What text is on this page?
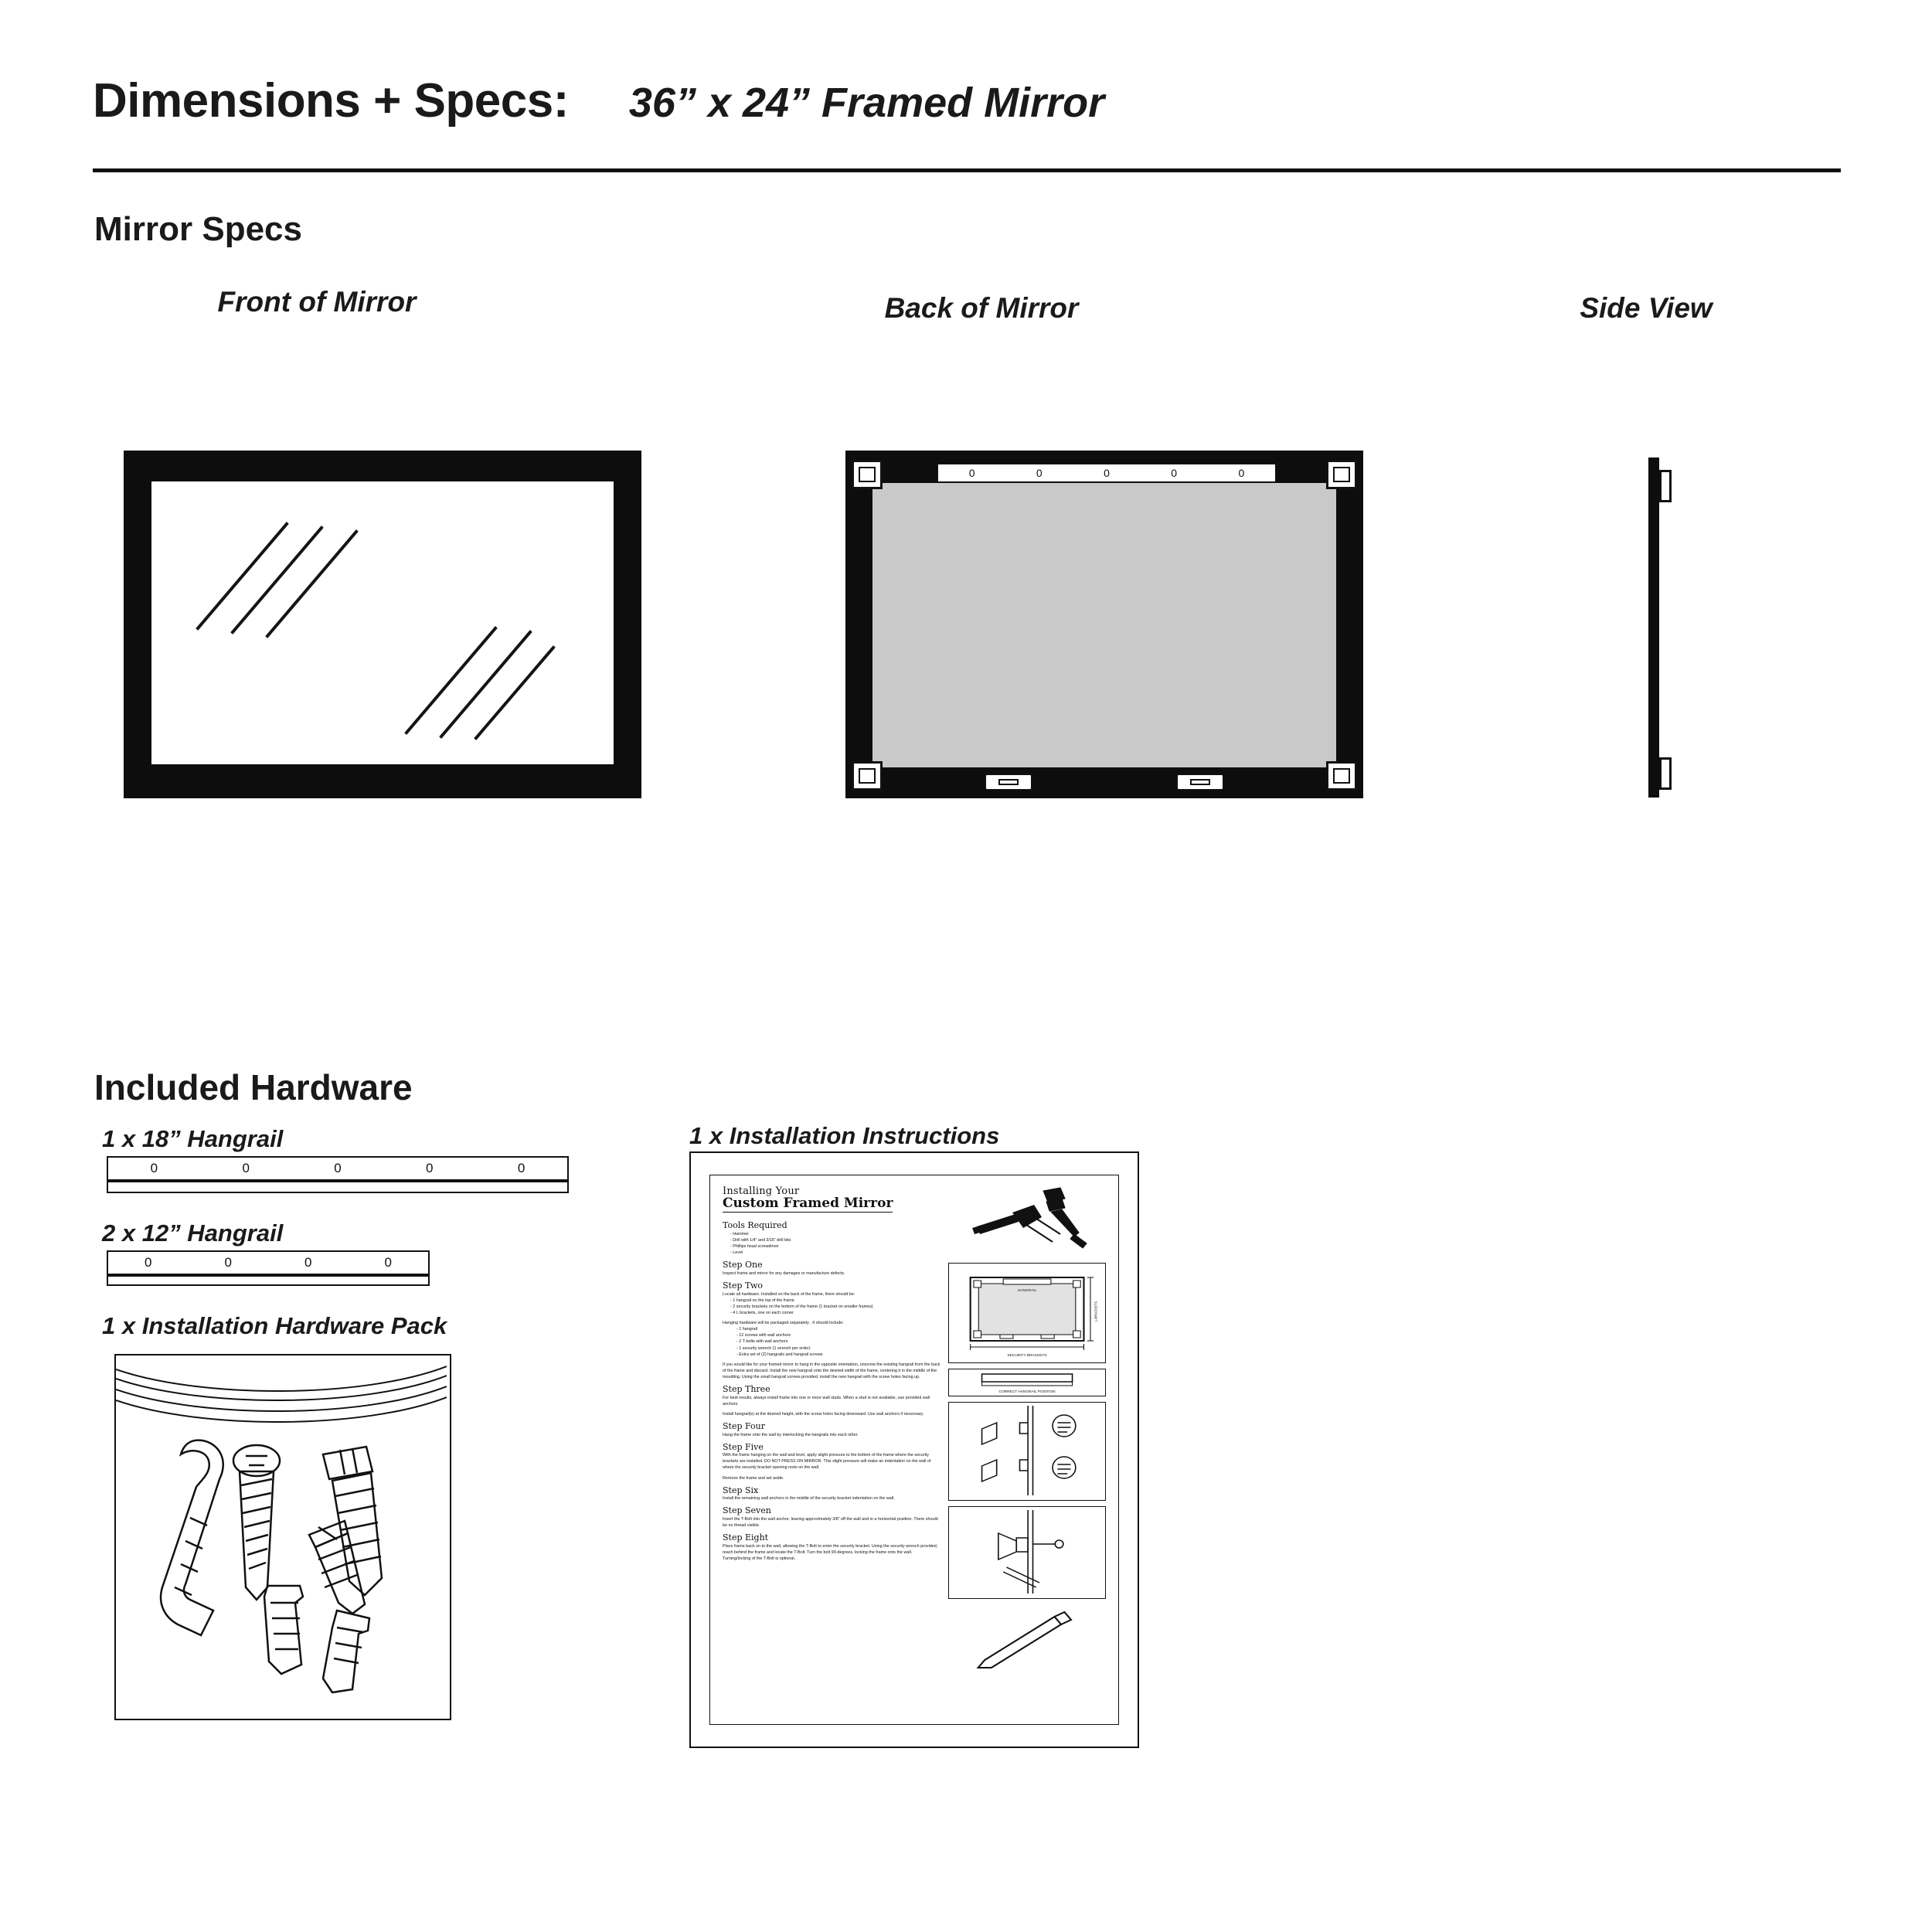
Dimensions + Specs: 36” x 24” Framed Mirror
Mirror Specs
Front of Mirror	Back of Mirror	Side View
0	0	0	0	0
Included Hardware
1 x 18” Hangrail
0	0	0	0	0
2 x 12” Hangrail
0	0	0	0
1 x Installation Hardware Pack
1 x Installation Instructions
Installing Your
Custom Framed Mirror
Tools Required
- Hammer
- Drill with 1/4” and 3/16” drill bits
- Phillips head screwdriver
- Level
Step One
Inspect frame and mirror for any damages or manufacture defects.
Step Two
Locate all hardware. Installed on the back of the frame, there should be:
- 1 hangrail on the top of the frame
- 2 security brackets on the bottom of the frame (1 bracket on smaller frames)
- 4 L brackets, one on each corner
Hanging hardware will be packaged separately . It should include:
- 1 hangrail
- 12 screws with wall anchors
- 2 T-bolts with wall anchors
- 1 security wrench (1 wrench per order)
- Extra set of (2) hangrails and hangrail screws
If you would like for your framed mirror to hang in the opposite orientation, unscrew the existing hangrail from the back of the frame and discard. Install the new hangrail onto the desired width of the frame, centering it in the middle of the moulding. Using the small hangrail screws provided, install the new hangrail with the screw holes facing up.
Step Three
For best results, always install frame into one or more wall studs. When a stud is not available, use provided wall anchors.
Install hangrail(s) at the desired height, with the screw holes facing downward. Use wall anchors if necessary.
Step Four
Hang the frame onto the wall by interlocking the hangrails into each other.
Step Five
With the frame hanging on the wall and level, apply slight pressure to the bottom of the frame where the security brackets are installed. DO NOT PRESS ON MIRROR. This slight pressure will make an indentation on the wall of where the security bracket opening rests on the wall.
Remove the frame and set aside.
Step Six
Install the remaining wall anchors in the middle of the security bracket indentation on the wall.
Step Seven
Insert the T-Bolt into the wall anchor, leaving approximately 3/8” off the wall and in a horizontal position. There should be no thread visible.
Step Eight
Place frame back on to the wall, allowing the T-Bolt to enter the security bracket. Using the security wrench provided, reach behind the frame and locate the T-Bolt. Turn the bolt 90-degrees, locking the frame onto the wall. Turning/locking of the T-Bolt is optional.
HANGRAIL
L-BRACKETS
SECURITY BRACKETS
CORRECT HANGRAIL POSITION
